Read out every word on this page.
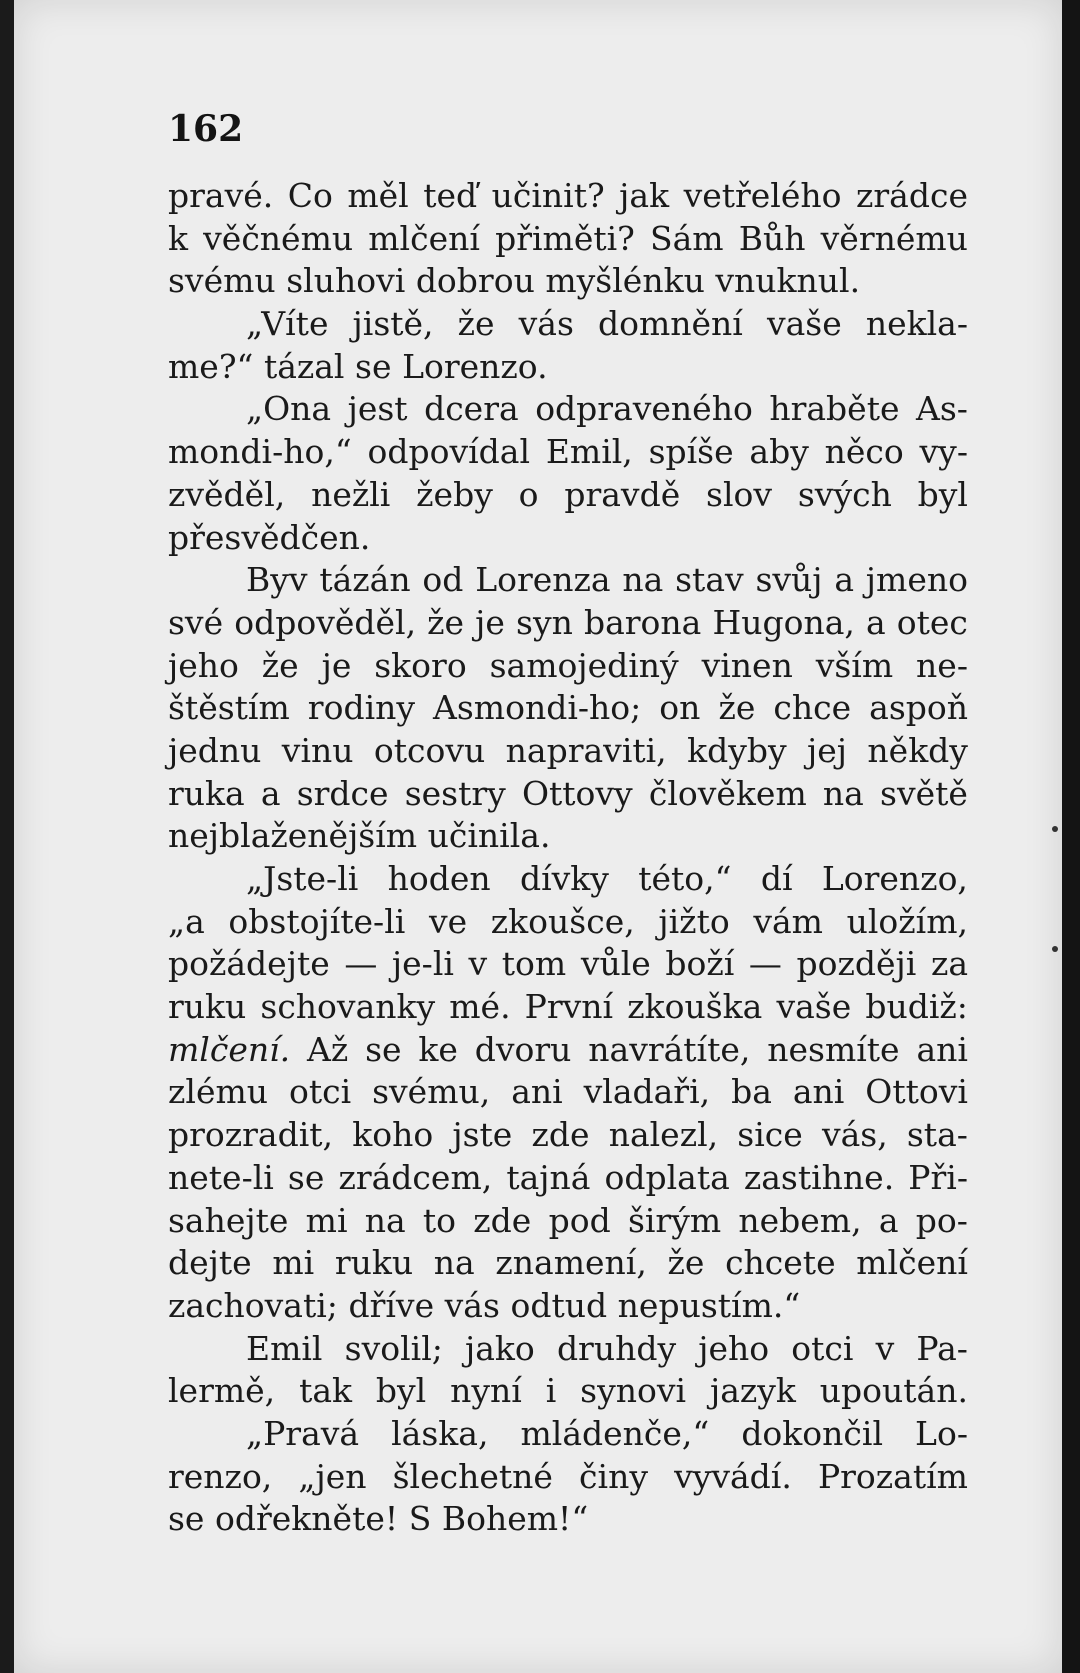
162
pravé. Co měl teď učinit? jak vetřelého zrádce
k věčnému mlčení přiměti? Sám Bůh věrnému
svému sluhovi dobrou myšlénku vnuknul.
„Víte jistě, že vás domnění vaše nekla-
me?“ tázal se Lorenzo.
„Ona jest dcera odpraveného hraběte As-
mondi-ho,“ odpovídal Emil, spíše aby něco vy-
zvěděl, nežli žeby o pravdě slov svých byl
přesvědčen.
Byv tázán od Lorenza na stav svůj a jmeno
své odpověděl, že je syn barona Hugona, a otec
jeho že je skoro samojediný vinen vším ne-
štěstím rodiny Asmondi-ho; on že chce aspoň
jednu vinu otcovu napraviti, kdyby jej někdy
ruka a srdce sestry Ottovy člověkem na světě
nejblaženějším učinila.
„Jste-li hoden dívky této,“ dí Lorenzo,
„a obstojíte-li ve zkoušce, jižto vám uložím,
požádejte — je-li v tom vůle boží — později za
ruku schovanky mé. První zkouška vaše budiž:
mlčení. Až se ke dvoru navrátíte, nesmíte ani
zlému otci svému, ani vladaři, ba ani Ottovi
prozradit, koho jste zde nalezl, sice vás, sta-
nete-li se zrádcem, tajná odplata zastihne. Při-
sahejte mi na to zde pod širým nebem, a po-
dejte mi ruku na znamení, že chcete mlčení
zachovati; dříve vás odtud nepustím.“
Emil svolil; jako druhdy jeho otci v Pa-
lermě, tak byl nyní i synovi jazyk upoután.
„Pravá láska, mládenče,“ dokončil Lo-
renzo, „jen šlechetné činy vyvádí. Prozatím
se odřekněte! S Bohem!“
